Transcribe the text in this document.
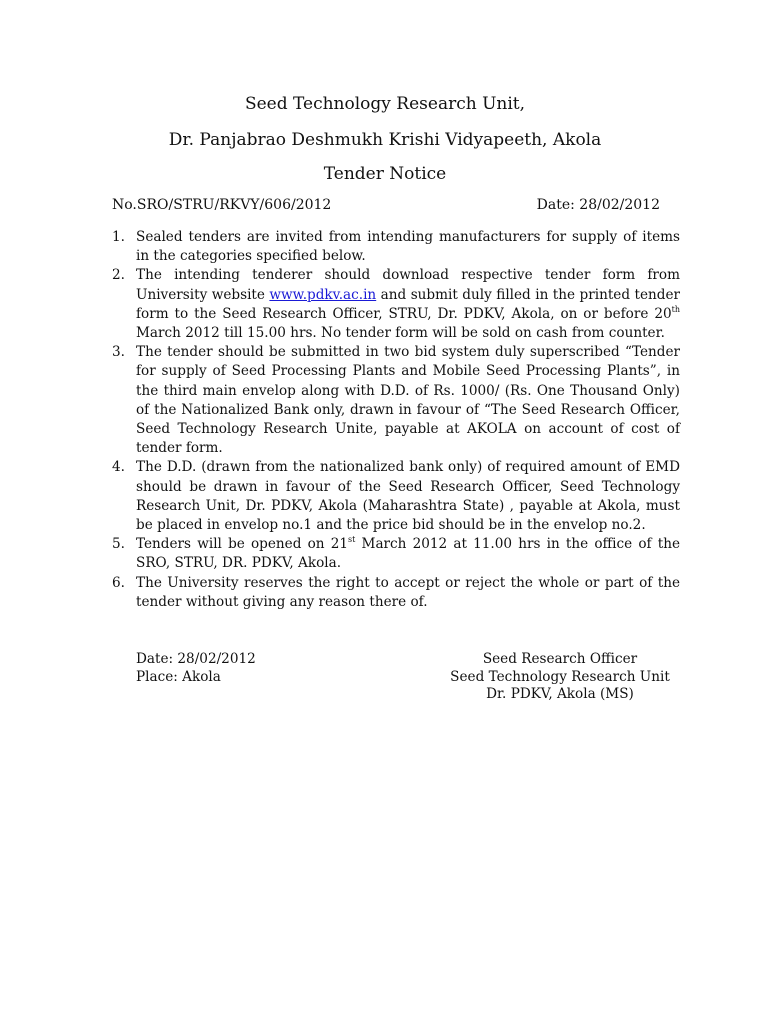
Seed Technology Research Unit,
Dr. Panjabrao Deshmukh Krishi Vidyapeeth, Akola
Tender Notice
No.SRO/STRU/RKVY/606/2012	Date: 28/02/2012
1. Sealed tenders are invited from intending manufacturers for supply of items in the categories specified below.
2. The intending tenderer should download respective tender form from University website www.pdkv.ac.in and submit duly filled in the printed tender form to the Seed Research Officer, STRU, Dr. PDKV, Akola, on or before 20th March 2012 till 15.00 hrs. No tender form will be sold on cash from counter.
3. The tender should be submitted in two bid system duly superscribed “Tender for supply of Seed Processing Plants and Mobile Seed Processing Plants”, in the third main envelop along with D.D. of Rs. 1000/ (Rs. One Thousand Only) of the Nationalized Bank only, drawn in favour of “The Seed Research Officer, Seed Technology Research Unite, payable at AKOLA on account of cost of tender form.
4. The D.D. (drawn from the nationalized bank only) of required amount of EMD should be drawn in favour of the Seed Research Officer, Seed Technology Research Unit, Dr. PDKV, Akola (Maharashtra State) , payable at Akola, must be placed in envelop no.1 and the price bid should be in the envelop no.2.
5. Tenders will be opened on 21st March 2012 at 11.00 hrs in the office of the SRO, STRU, DR. PDKV, Akola.
6. The University reserves the right to accept or reject the whole or part of the tender without giving any reason there of.
Date: 28/02/2012
Place: Akola
Seed Research Officer
Seed Technology Research Unit
Dr. PDKV, Akola (MS)
